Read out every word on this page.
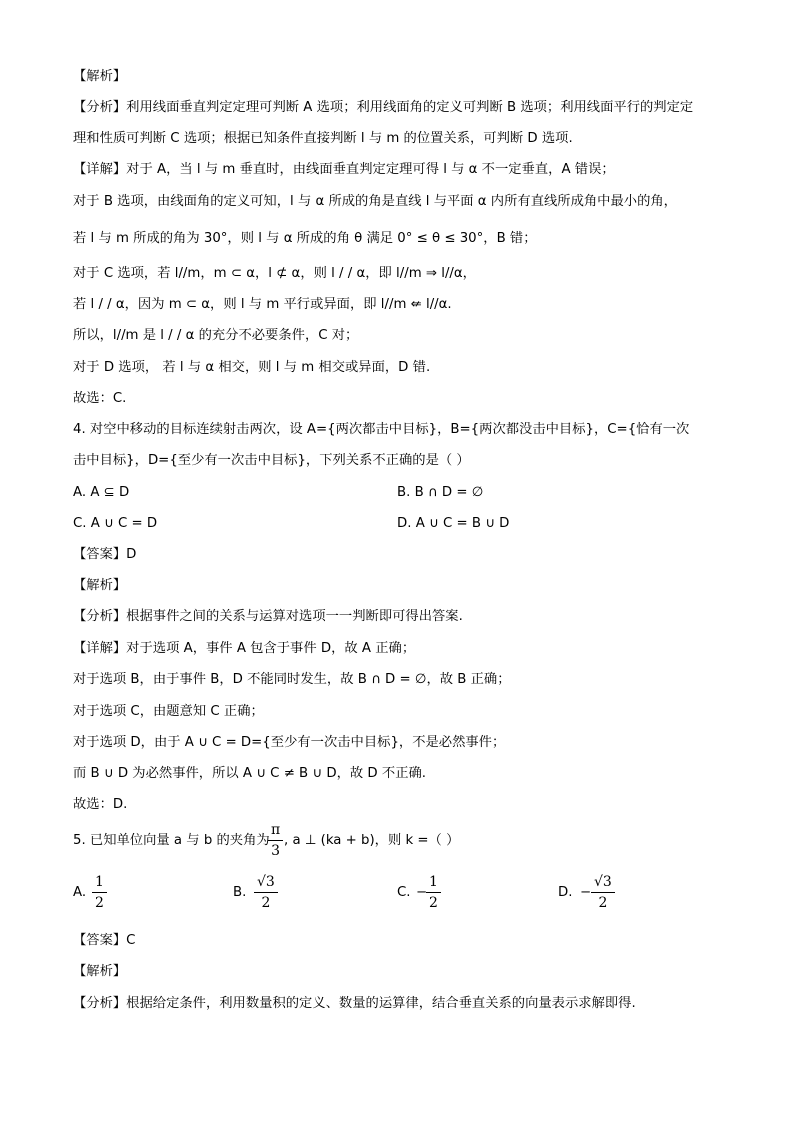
【解析】
【分析】利用线面垂直判定定理可判断 A 选项；利用线面角的定义可判断 B 选项；利用线面平行的判定定
理和性质可判断 C 选项；根据已知条件直接判断 l 与 m 的位置关系，可判断 D 选项.
【详解】对于 A，当 l 与 m 垂直时，由线面垂直判定定理可得 l 与 α 不一定垂直，A 错误；
对于 B 选项，由线面角的定义可知，l 与 α 所成的角是直线 l 与平面 α 内所有直线所成角中最小的角，
若 l 与 m 所成的角为 30°，则 l 与 α 所成的角 θ 满足 0° ≤ θ ≤ 30°，B 错；
对于 C 选项，若 l//m，m ⊂ α，l ⊄ α，则 l / / α，即 l//m ⇒ l//α，
若 l / / α，因为 m ⊂ α，则 l 与 m 平行或异面，即 l//m ⇍ l//α.
所以，l//m 是 l / / α 的充分不必要条件，C 对；
对于 D 选项， 若 l 与 α 相交，则 l 与 m 相交或异面，D 错.
故选：C.
4. 对空中移动的目标连续射击两次，设 A={两次都击中目标}，B={两次都没击中目标}，C={恰有一次
击中目标}，D={至少有一次击中目标}，下列关系不正确的是（ ）
A. A ⊆ D	B. B ∩ D = ∅
C. A ∪ C = D	D. A ∪ C = B ∪ D
【答案】D
【解析】
【分析】根据事件之间的关系与运算对选项一一判断即可得出答案.
【详解】对于选项 A，事件 A 包含于事件 D，故 A 正确；
对于选项 B，由于事件 B，D 不能同时发生，故 B ∩ D = ∅，故 B 正确；
对于选项 C，由题意知 C 正确；
对于选项 D，由于 A ∪ C = D={至少有一次击中目标}，不是必然事件；
而 B ∪ D 为必然事件，所以 A ∪ C ≠ B ∪ D，故 D 不正确.
故选：D.
5. 已知单位向量 a 与 b 的夹角为
π
3
, a ⊥ (ka + b)，则 k =（ ）
A.
1
2
B.
√3
2
C. −
1
2
D. −
√3
2
【答案】C
【解析】
【分析】根据给定条件，利用数量积的定义、数量的运算律，结合垂直关系的向量表示求解即得.
